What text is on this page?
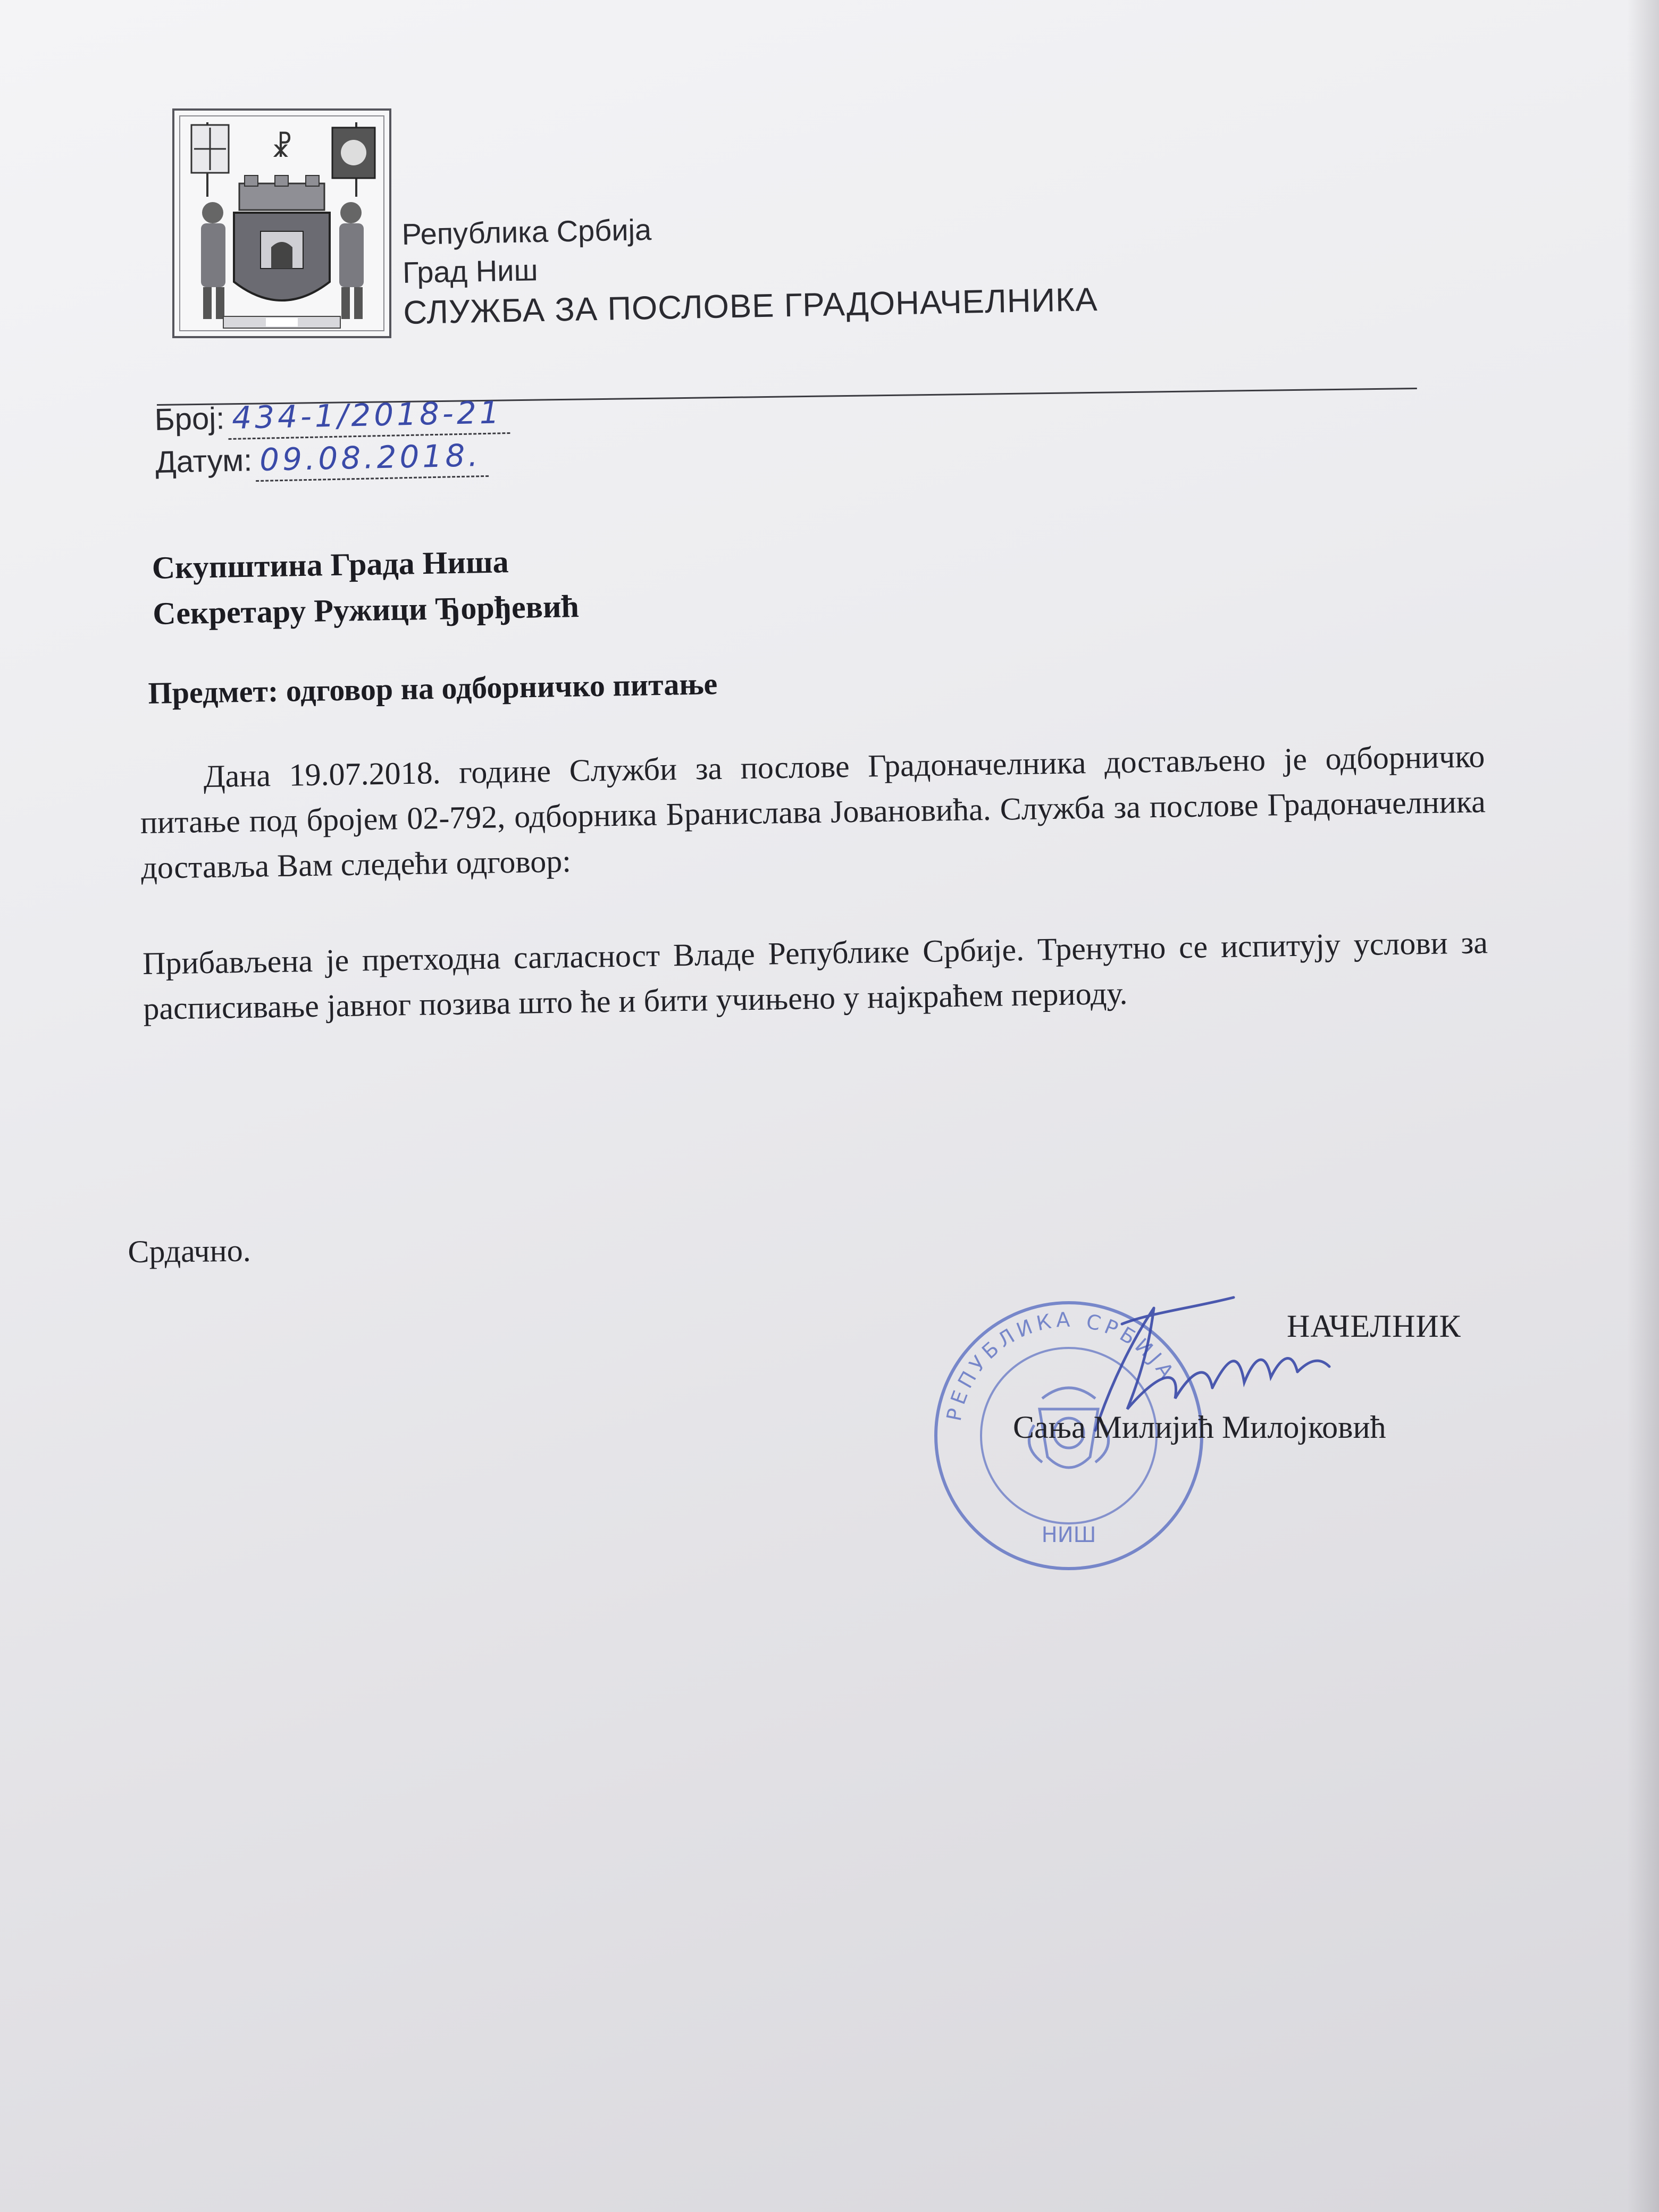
☧
Република Србија
Град Ниш
СЛУЖБА ЗА ПОСЛОВЕ ГРАДОНАЧЕЛНИКА
Број: 434-1/2018-21
Датум: 09.08.2018.
Скупштина Града Ниша
Секретару Ружици Ђорђевић
Предмет: одговор на одборничко питање

Дана 19.07.2018. године Служби за послове Градоначелника достављено је одборничко питање под бројем 02-792, одборника Бранислава Јовановића. Служба за послове Градоначелника доставља Вам следећи одговор:

Прибављена је претходна сагласност Владе Републике Србије. Тренутно се испитују услови за расписивање јавног позива што ће и бити учињено у најкраћем периоду.

Срдачно.
РЕПУБЛИКА СРБИЈА
НИШ
НАЧЕЛНИК
Сања Милијић Милојковић
